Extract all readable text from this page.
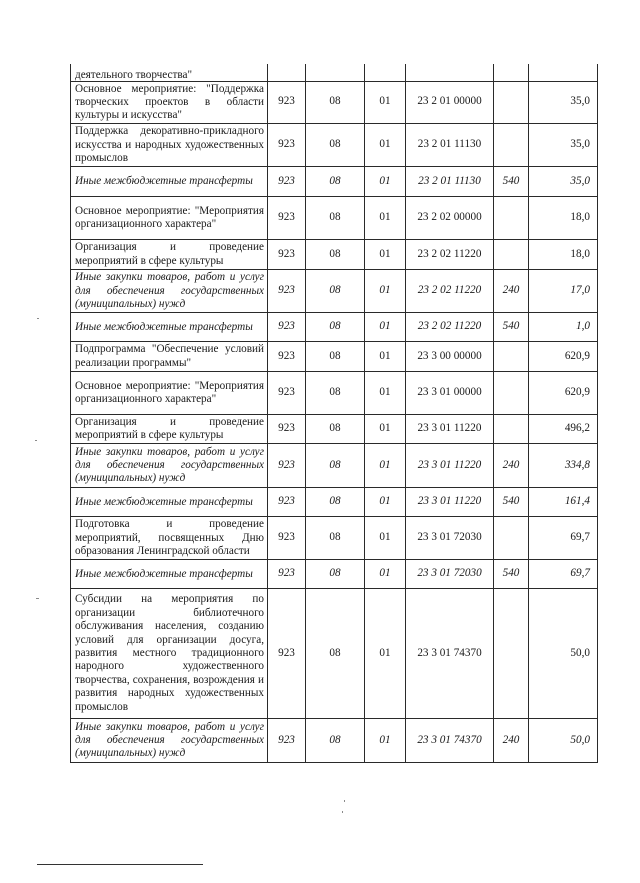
деятельного творчества"						
Основное мероприятие: "Поддержка творческих проектов в области культуры и искусства"	923	08	01	23 2 01 00000		35,0
Поддержка декоративно-прикладного искусства и народных художественных промыслов	923	08	01	23 2 01 11130		35,0
Иные межбюджетные трансферты	923	08	01	23 2 01 11130	540	35,0
Основное мероприятие: "Мероприятия организационного характера"	923	08	01	23 2 02 00000		18,0
Организация и проведение мероприятий в сфере культуры	923	08	01	23 2 02 11220		18,0
Иные закупки товаров, работ и услуг для обеспечения государственных (муниципальных) нужд	923	08	01	23 2 02 11220	240	17,0
Иные межбюджетные трансферты	923	08	01	23 2 02 11220	540	1,0
Подпрограмма "Обеспечение условий реализации программы"	923	08	01	23 3 00 00000		620,9
Основное мероприятие: "Мероприятия организационного характера"	923	08	01	23 3 01 00000		620,9
Организация и проведение мероприятий в сфере культуры	923	08	01	23 3 01 11220		496,2
Иные закупки товаров, работ и услуг для обеспечения государственных (муниципальных) нужд	923	08	01	23 3 01 11220	240	334,8
Иные межбюджетные трансферты	923	08	01	23 3 01 11220	540	161,4
Подготовка и проведение мероприятий, посвященных Дню образования Ленинградской области	923	08	01	23 3 01 72030		69,7
Иные межбюджетные трансферты	923	08	01	23 3 01 72030	540	69,7
Субсидии на мероприятия по организации библиотечного обслуживания населения, созданию условий для организации досуга, развития местного традиционного народного художественного творчества, сохранения, возрождения и развития народных художественных промыслов	923	08	01	23 3 01 74370		50,0
Иные закупки товаров, работ и услуг для обеспечения государственных (муниципальных) нужд	923	08	01	23 3 01 74370	240	50,0
